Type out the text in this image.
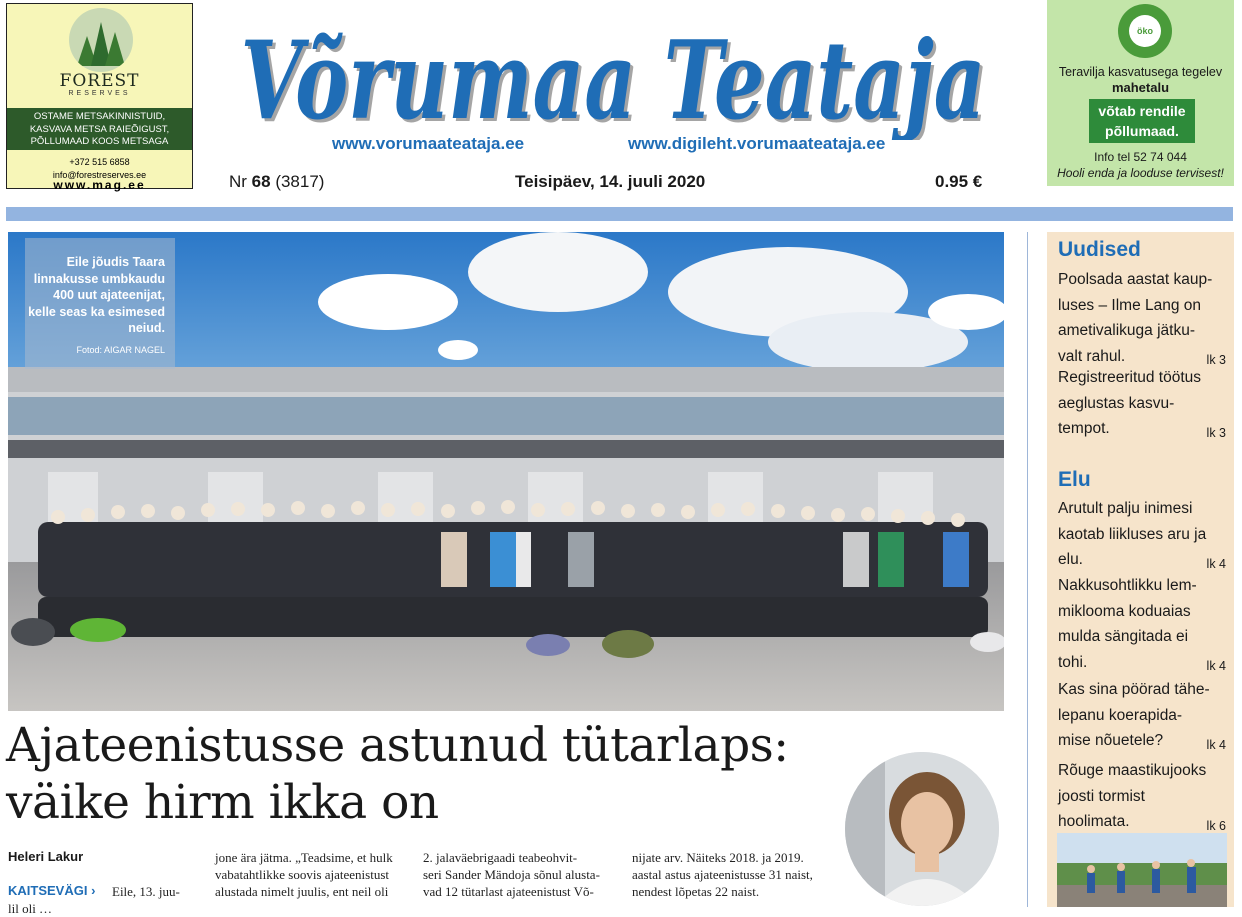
FOREST
RESERVES
OSTAME METSAKINNISTUID,
KASVAVA METSA RAIEÕIGUST,
PÕLLUMAAD KOOS METSAGA
+372 515 6858
info@forestreserves.ee
www.mag.ee
Võrumaa Teataja
Võrumaa Teataja
www.vorumaateataja.ee	www.digileht.vorumaateataja.ee
Nr 68 (3817)	Teisipäev, 14. juuli 2020	0.95 €
öko
Teravilja kasvatusega tegelev
mahetalu
võtab rendile
põllumaad.
Info tel 52 74 044
Hooli enda ja looduse tervisest!
Eile jõudis Taara linnakusse umbkaudu 400 uut ajateenijat, kelle seas ka esimesed neiud.
Fotod: AIGAR NAGEL
Ajateenistusse astunud tütarlaps:
väike hirm ikka on
Heleri Lakur
KAITSEVÄGI › Eile, 13. juu-
lil oli …
jone ära jätma. „Teadsime, et hulk
vabatahtlikke soovis ajateenistust
alustada nimelt juulis, ent neil oli
2. jalaväebrigaadi teabeohvit-
seri Sander Mändoja sõnul alusta-
vad 12 tütarlast ajateenistust Võ-
nijate arv. Näiteks 2018. ja 2019.
aastal astus ajateenistusse 31 naist,
nendest lõpetas 22 naist.
Uudised
Poolsada aastat kaup-
luses – Ilme Lang on
ametivalikuga jätku-
valt rahul.	lk 3
Registreeritud töötus
aeglustas kasvu-
tempot.	lk 3
Elu
Arutult palju inimesi
kaotab liikluses aru ja
elu.	lk 4
Nakkusohtlikku lem-
miklooma koduaias
mulda sängitada ei
tohi.	lk 4
Kas sina pöörad tähe-
lepanu koerapida-
mise nõuetele?	lk 4
Rõuge maastikujooks
joosti tormist
hoolimata.	lk 6
